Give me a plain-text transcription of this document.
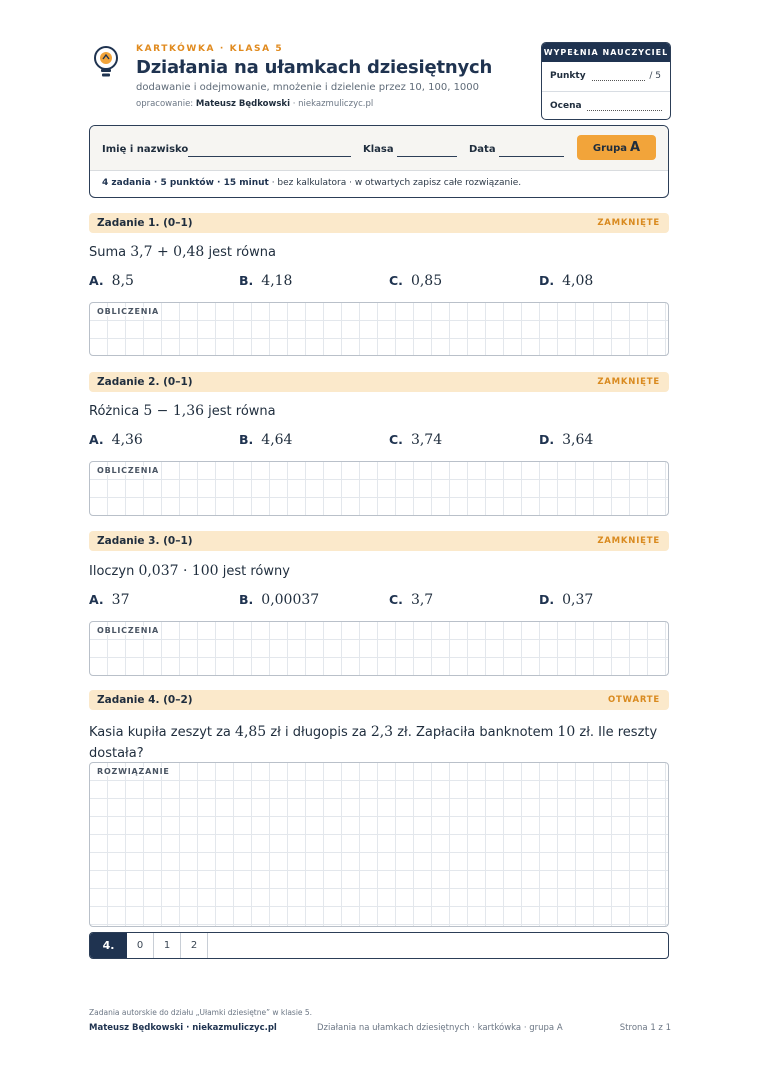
KARTKÓWKA · KLASA 5
Działania na ułamkach dziesiętnych
dodawanie i odejmowanie, mnożenie i dzielenie przez 10, 100, 1000
opracowanie: Mateusz Będkowski · niekazmuliczyc.pl
WYPEŁNIA NAUCZYCIEL
Punkty	/ 5
Ocena
Imię i nazwisko	Klasa	Data	Grupa A
4 zadania · 5 punktów · 15 minut · bez kalkulatora · w otwartych zapisz całe rozwiązanie.
Zadanie 1. (0–1)	ZAMKNIĘTE
Suma 3,7 + 0,48 jest równa
A. 8,5	B. 4,18	C. 0,85	D. 4,08
OBLICZENIA
Zadanie 2. (0–1)	ZAMKNIĘTE
Różnica 5 − 1,36 jest równa
A. 4,36	B. 4,64	C. 3,74	D. 3,64
OBLICZENIA
Zadanie 3. (0–1)	ZAMKNIĘTE
Iloczyn 0,037 · 100 jest równy
A. 37	B. 0,00037	C. 3,7	D. 0,37
OBLICZENIA
Zadanie 4. (0–2)	OTWARTE
Kasia kupiła zeszyt za 4,85 zł i długopis za 2,3 zł. Zapłaciła banknotem 10 zł. Ile reszty
dostała?
ROZWIĄZANIE
4.	0	1	2
Zadania autorskie do działu „Ułamki dziesiętne” w klasie 5.
Mateusz Będkowski · niekazmuliczyc.pl	Działania na ułamkach dziesiętnych · kartkówka · grupa A	Strona 1 z 1
